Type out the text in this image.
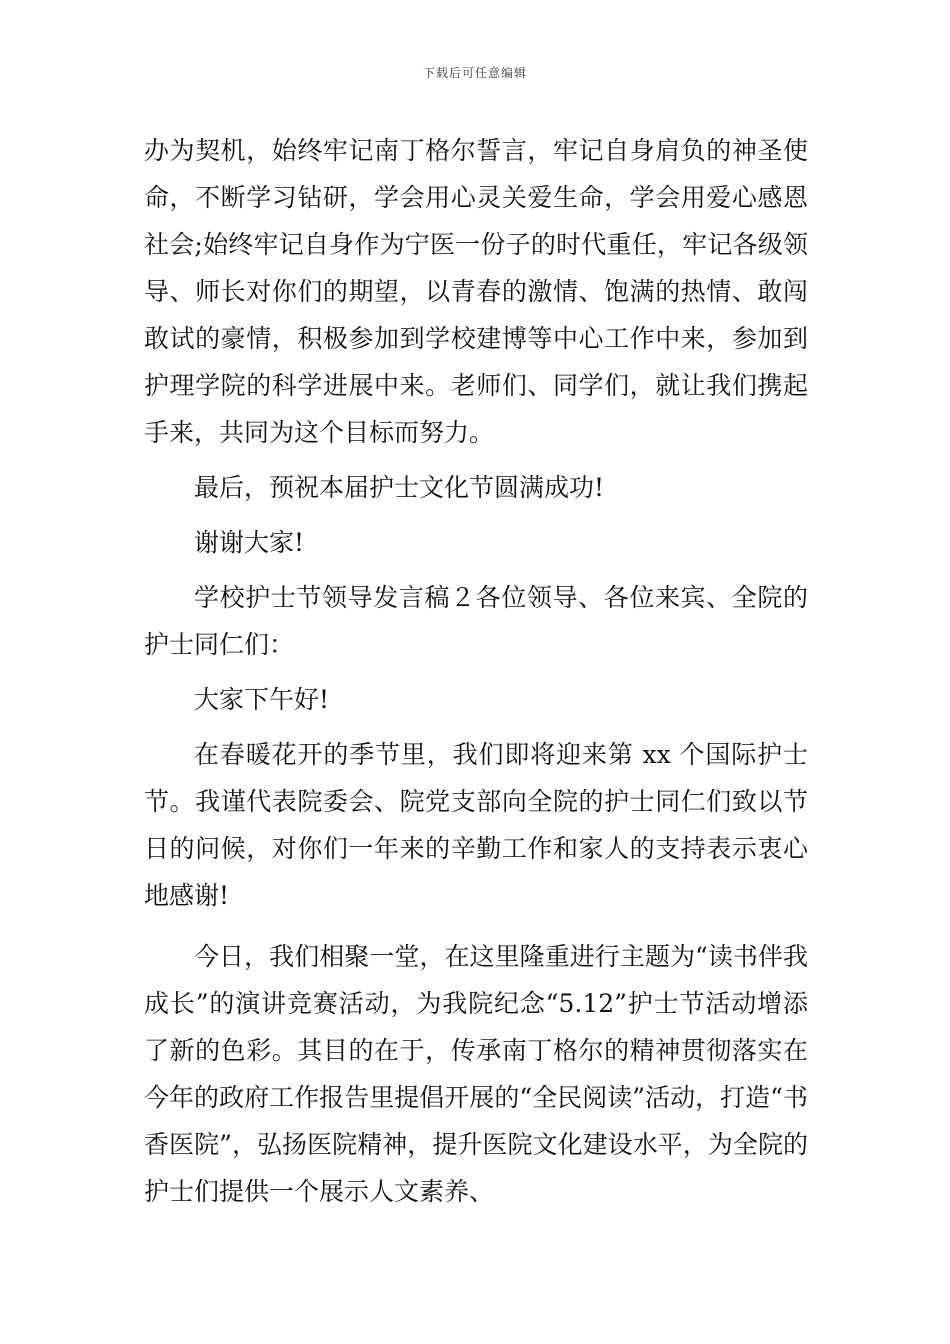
下载后可任意编辑

办为契机，始终牢记南丁格尔誓言，牢记自身肩负的神圣使命，不断学习钻研，学会用心灵关爱生命，学会用爱心感恩社会;始终牢记自身作为宁医一份子的时代重任，牢记各级领导、师长对你们的期望，以青春的激情、饱满的热情、敢闯敢试的豪情，积极参加到学校建博等中心工作中来，参加到护理学院的科学进展中来。老师们、同学们，就让我们携起手来，共同为这个目标而努力。

最后，预祝本届护士文化节圆满成功!

谢谢大家!

学校护士节领导发言稿２各位领导、各位来宾、全院的护士同仁们：

大家下午好!

在春暖花开的季节里，我们即将迎来第 xx 个国际护士节。我谨代表院委会、院党支部向全院的护士同仁们致以节日的问候，对你们一年来的辛勤工作和家人的支持表示衷心地感谢!

今日，我们相聚一堂，在这里隆重进行主题为“读书伴我成长”的演讲竞赛活动，为我院纪念“5.12”护士节活动增添了新的色彩。其目的在于，传承南丁格尔的精神贯彻落实在今年的政府工作报告里提倡开展的“全民阅读”活动，打造“书香医院”，弘扬医院精神，提升医院文化建设水平，为全院的护士们提供一个展示人文素养、
